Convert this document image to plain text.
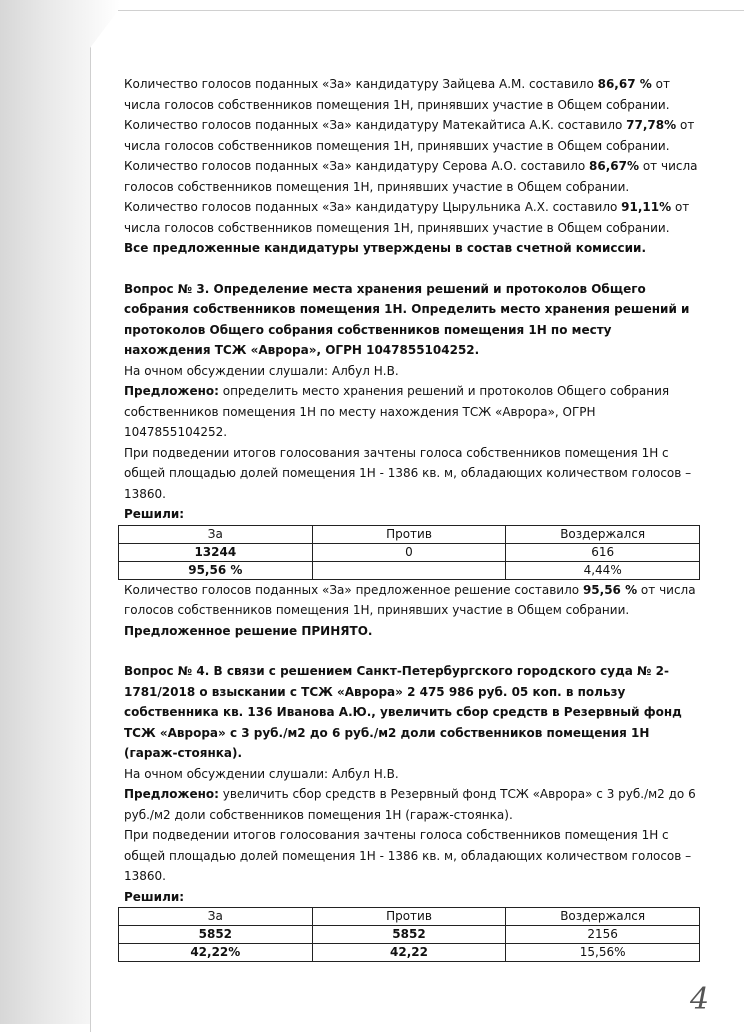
Количество голосов поданных «За» кандидатуру Зайцева А.М. составило 86,67 % от числа голосов собственников помещения 1Н, принявших участие в Общем собрании.

Количество голосов поданных «За» кандидатуру Матекайтиса А.К. составило 77,78% от числа голосов собственников помещения 1Н, принявших участие в Общем собрании.

Количество голосов поданных «За» кандидатуру Серова А.О. составило 86,67% от числа голосов собственников помещения 1Н, принявших участие в Общем собрании.

Количество голосов поданных «За» кандидатуру Цырульника А.Х. составило 91,11% от числа голосов собственников помещения 1Н, принявших участие в Общем собрании.

Все предложенные кандидатуры утверждены в состав счетной комиссии.

Вопрос № 3. Определение места хранения решений и протоколов Общего собрания собственников помещения 1Н. Определить место хранения решений и протоколов Общего собрания собственников помещения 1Н по месту нахождения ТСЖ «Аврора», ОГРН 1047855104252.

На очном обсуждении слушали: Албул Н.В.

Предложено: определить место хранения решений и протоколов Общего собрания собственников помещения 1Н по месту нахождения ТСЖ «Аврора», ОГРН 1047855104252.

При подведении итогов голосования зачтены голоса собственников помещения 1Н с общей площадью долей помещения 1Н - 1386 кв. м, обладающих количеством голосов – 13860.

Решили:

За	Против	Воздержался
13244	0	616
95,56 %		4,44%

Количество голосов поданных «За» предложенное решение составило 95,56 % от числа голосов собственников помещения 1Н, принявших участие в Общем собрании.

Предложенное решение ПРИНЯТО.

Вопрос № 4. В связи с решением Санкт-Петербургского городского суда № 2-1781/2018 о взыскании с ТСЖ «Аврора» 2 475 986 руб. 05 коп. в пользу собственника кв. 136 Иванова А.Ю., увеличить сбор средств в Резервный фонд ТСЖ «Аврора» с 3 руб./м2 до 6 руб./м2 доли собственников помещения 1Н (гараж-стоянка).

На очном обсуждении слушали: Албул Н.В.

Предложено: увеличить сбор средств в Резервный фонд ТСЖ «Аврора» с 3 руб./м2 до 6 руб./м2 доли собственников помещения 1Н (гараж-стоянка).

При подведении итогов голосования зачтены голоса собственников помещения 1Н с общей площадью долей помещения 1Н - 1386 кв. м, обладающих количеством голосов – 13860.

Решили:

За	Против	Воздержался
5852	5852	2156
42,22%	42,22	15,56%
4
